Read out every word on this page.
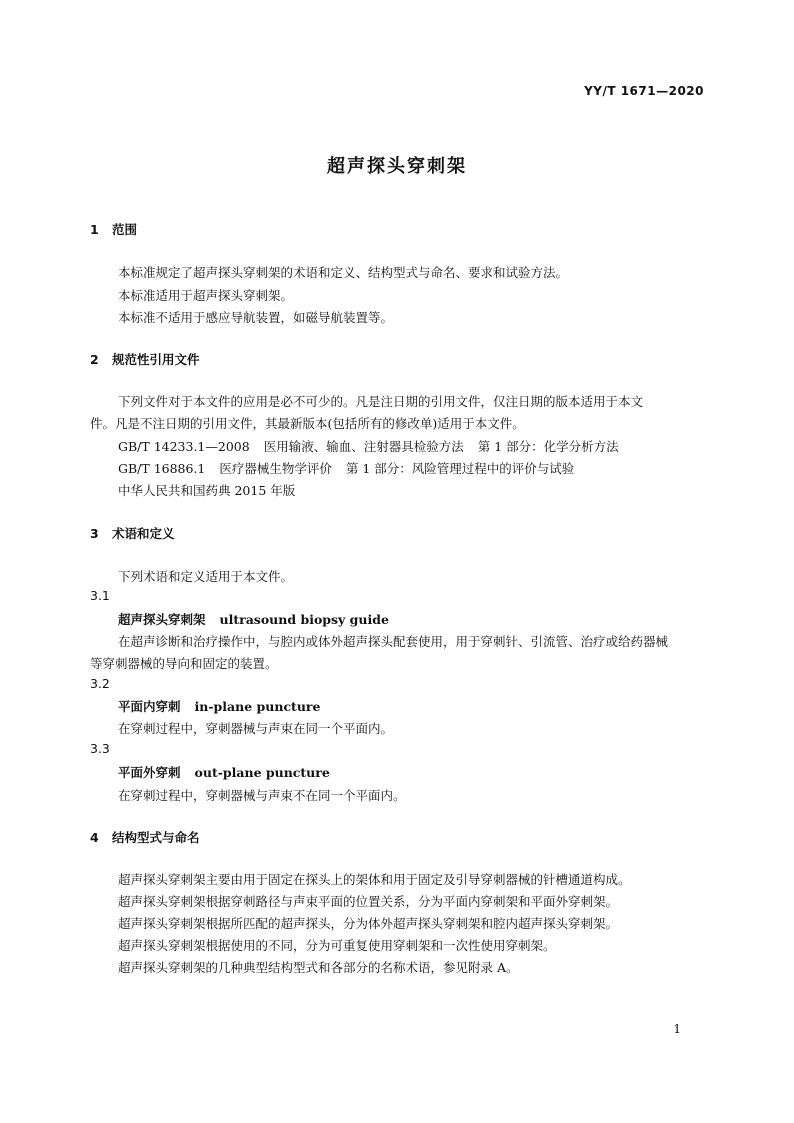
YY/T 1671—2020
超声探头穿刺架
1 范围
本标准规定了超声探头穿刺架的术语和定义、结构型式与命名、要求和试验方法。
本标准适用于超声探头穿刺架。
本标准不适用于感应导航装置，如磁导航装置等。
2 规范性引用文件
下列文件对于本文件的应用是必不可少的。凡是注日期的引用文件，仅注日期的版本适用于本文
件。凡是不注日期的引用文件，其最新版本(包括所有的修改单)适用于本文件。
GB/T 14233.1—2008 医用输液、输血、注射器具检验方法 第 1 部分：化学分析方法
GB/T 16886.1 医疗器械生物学评价 第 1 部分：风险管理过程中的评价与试验
中华人民共和国药典 2015 年版
3 术语和定义
下列术语和定义适用于本文件。
3.1
超声探头穿刺架 ultrasound biopsy guide
在超声诊断和治疗操作中，与腔内或体外超声探头配套使用，用于穿刺针、引流管、治疗或给药器械
等穿刺器械的导向和固定的装置。
3.2
平面内穿刺 in-plane puncture
在穿刺过程中，穿刺器械与声束在同一个平面内。
3.3
平面外穿刺 out-plane puncture
在穿刺过程中，穿刺器械与声束不在同一个平面内。
4 结构型式与命名
超声探头穿刺架主要由用于固定在探头上的架体和用于固定及引导穿刺器械的针槽通道构成。
超声探头穿刺架根据穿刺路径与声束平面的位置关系，分为平面内穿刺架和平面外穿刺架。
超声探头穿刺架根据所匹配的超声探头，分为体外超声探头穿刺架和腔内超声探头穿刺架。
超声探头穿刺架根据使用的不同，分为可重复使用穿刺架和一次性使用穿刺架。
超声探头穿刺架的几种典型结构型式和各部分的名称术语，参见附录 A。
1
